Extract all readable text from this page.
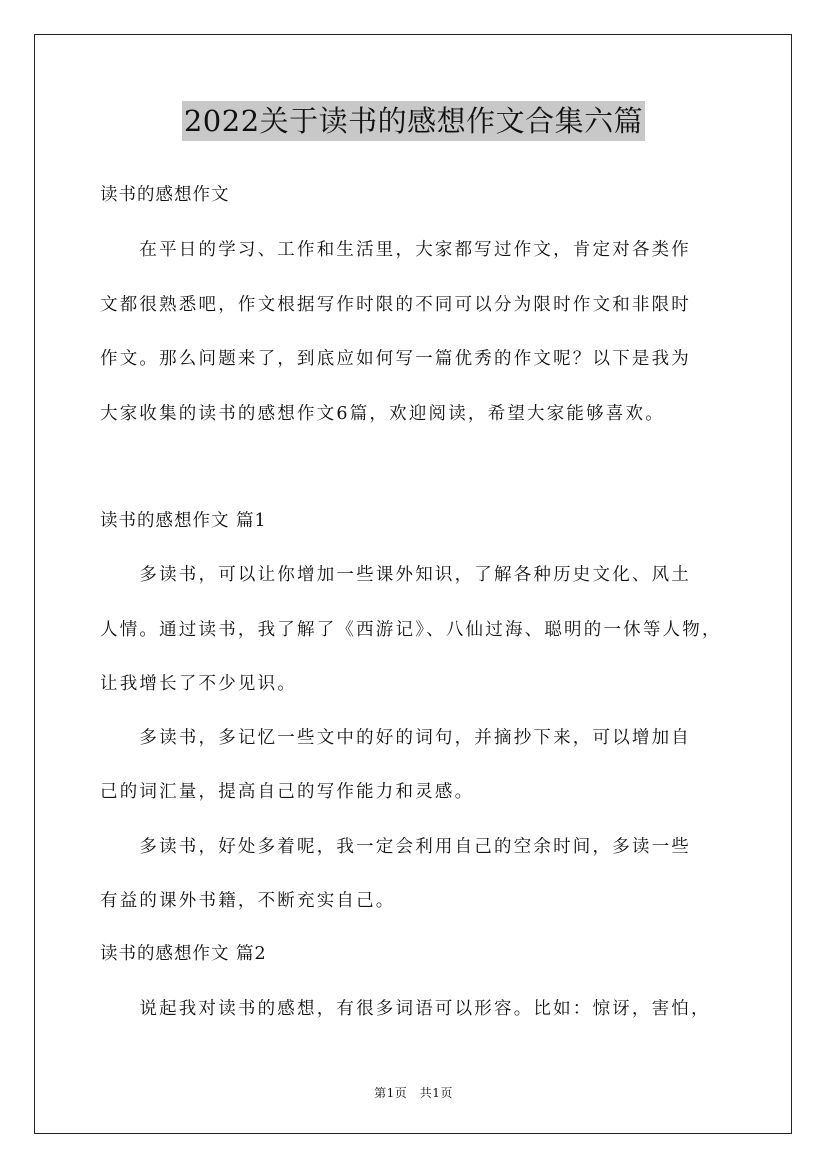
2022关于读书的感想作文合集六篇
读书的感想作文
　　在平日的学习、工作和生活里，大家都写过作文，肯定对各类作
文都很熟悉吧，作文根据写作时限的不同可以分为限时作文和非限时
作文。那么问题来了，到底应如何写一篇优秀的作文呢？以下是我为
大家收集的读书的感想作文6篇，欢迎阅读，希望大家能够喜欢。
读书的感想作文 篇1
　　多读书，可以让你增加一些课外知识，了解各种历史文化、风土
人情。通过读书，我了解了《西游记》、八仙过海、聪明的一休等人物，
让我增长了不少见识。
　　多读书，多记忆一些文中的好的词句，并摘抄下来，可以增加自
己的词汇量，提高自己的写作能力和灵感。
　　多读书，好处多着呢，我一定会利用自己的空余时间，多读一些
有益的课外书籍，不断充实自己。
读书的感想作文 篇2
　　说起我对读书的感想，有很多词语可以形容。比如：惊讶，害怕，
第1页　共1页
